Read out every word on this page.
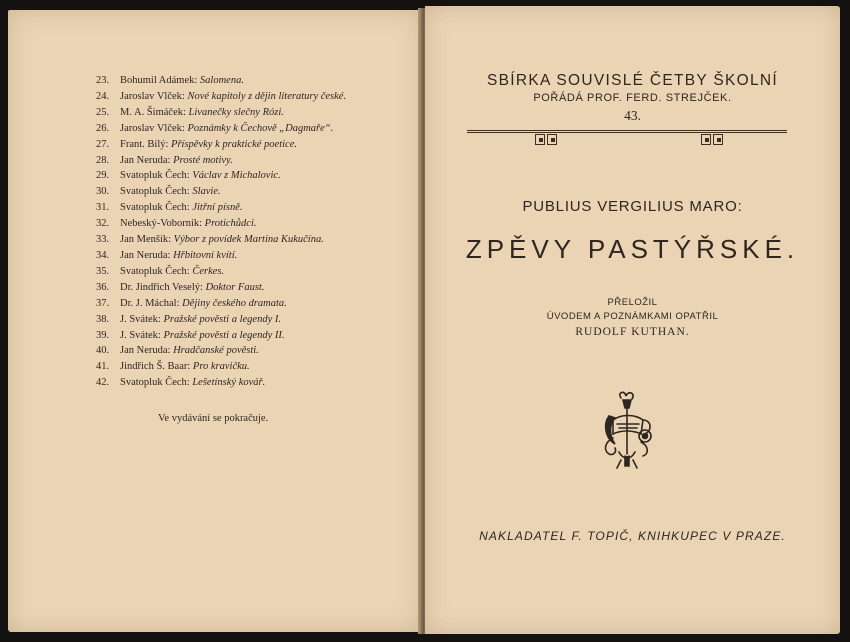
23. Bohumil Adámek: Salomena.
24. Jaroslav Vlček: Nové kapitoly z dějin literatury české.
25. M. A. Šimáček: Livanečky slečny Rózi.
26. Jaroslav Vlček: Poznámky k Čechově „Dagmaře“.
27. Frant. Bílý: Příspěvky k praktické poetice.
28. Jan Neruda: Prosté motivy.
29. Svatopluk Čech: Václav z Michalovic.
30. Svatopluk Čech: Slavie.
31. Svatopluk Čech: Jitřní písně.
32. Nebeský-Voborník: Protichůdci.
33. Jan Menšík: Výbor z povídek Martina Kukučína.
34. Jan Neruda: Hřbitovní kvítí.
35. Svatopluk Čech: Čerkes.
36. Dr. Jindřich Veselý: Doktor Faust.
37. Dr. J. Máchal: Dějiny českého dramata.
38. J. Svátek: Pražské pověsti a legendy I.
39. J. Svátek: Pražské pověsti a legendy II.
40. Jan Neruda: Hradčanské pověsti.
41. Jindřich Š. Baar: Pro kravičku.
42. Svatopluk Čech: Lešetínský kovář.
Ve vydávání se pokračuje.
SBÍRKA SOUVISLÉ ČETBY ŠKOLNÍ
POŘÁDÁ PROF. FERD. STREJČEK.
43.
PUBLIUS VERGILIUS MARO:
ZPĚVY PASTÝŘSKÉ.
PŘELOŽIL
ÚVODEM A POZNÁMKAMI OPATŘIL
RUDOLF KUTHAN.
NAKLADATEL F. TOPIČ, KNIHKUPEC V PRAZE.
